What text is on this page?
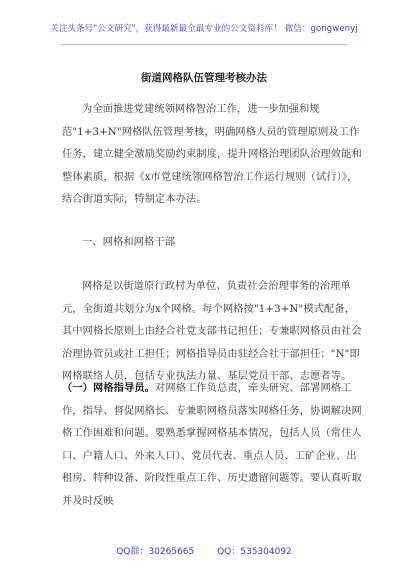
关注头条号"公文研究"，获得最新最全最专业的公文资料库！ 微信：gongwenyj
街道网格队伍管理考核办法
为全面推进党建统领网格智治工作，进一步加强和规范"1+3+N"网格队伍管理考核，明确网格人员的管理原则及工作任务，建立健全激励奖励约束制度，提升网格治理团队治理效能和整体素质，根据《x市党建统领网格智治工作运行规则（试行）》，结合街道实际，特制定本办法。
一、网格和网格干部
网格是以街道原行政村为单位、负责社会治理事务的治理单元，全街道共划分为x个网格。每个网格按"1+3+N"模式配备，其中网格长原则上由经合社党支部书记担任；专兼职网格员由社会治理协管员或社工担任；网格指导员由驻经合社干部担任；"N"即网格联络人员，包括专业执法力量、基层党员干部、志愿者等。
（一）网格指导员。对网格工作负总责，牵头研究、部署网格工作，指导、督促网格长、专兼职网格员落实网格任务，协调解决网格工作困难和问题。要熟悉掌握网格基本情况，包括人员（常住人口、户籍人口、外来人口）、党员代表、重点人员、工矿企业、出租房、特种设备、阶段性重点工作、历史遗留问题等。要认真听取并及时反映
QQ群：30265665	QQ：535304092
